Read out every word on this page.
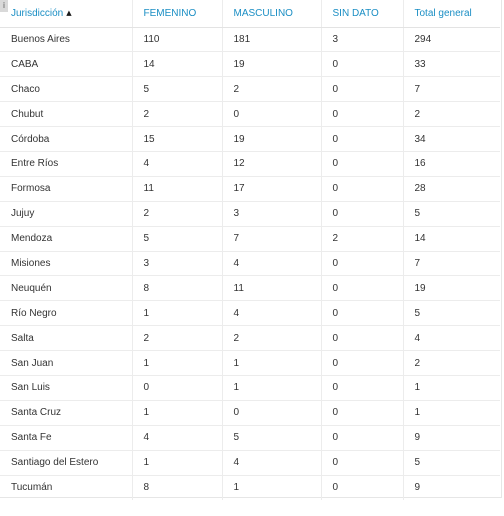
i
Jurisdicción ▲	FEMENINO	MASCULINO	SIN DATO	Total general
Buenos Aires	110	181	3	294
CABA	14	19	0	33
Chaco	5	2	0	7
Chubut	2	0	0	2
Córdoba	15	19	0	34
Entre Ríos	4	12	0	16
Formosa	11	17	0	28
Jujuy	2	3	0	5
Mendoza	5	7	2	14
Misiones	3	4	0	7
Neuquén	8	11	0	19
Río Negro	1	4	0	5
Salta	2	2	0	4
San Juan	1	1	0	2
San Luis	0	1	0	1
Santa Cruz	1	0	0	1
Santa Fe	4	5	0	9
Santiago del Estero	1	4	0	5
Tucumán	8	1	0	9
